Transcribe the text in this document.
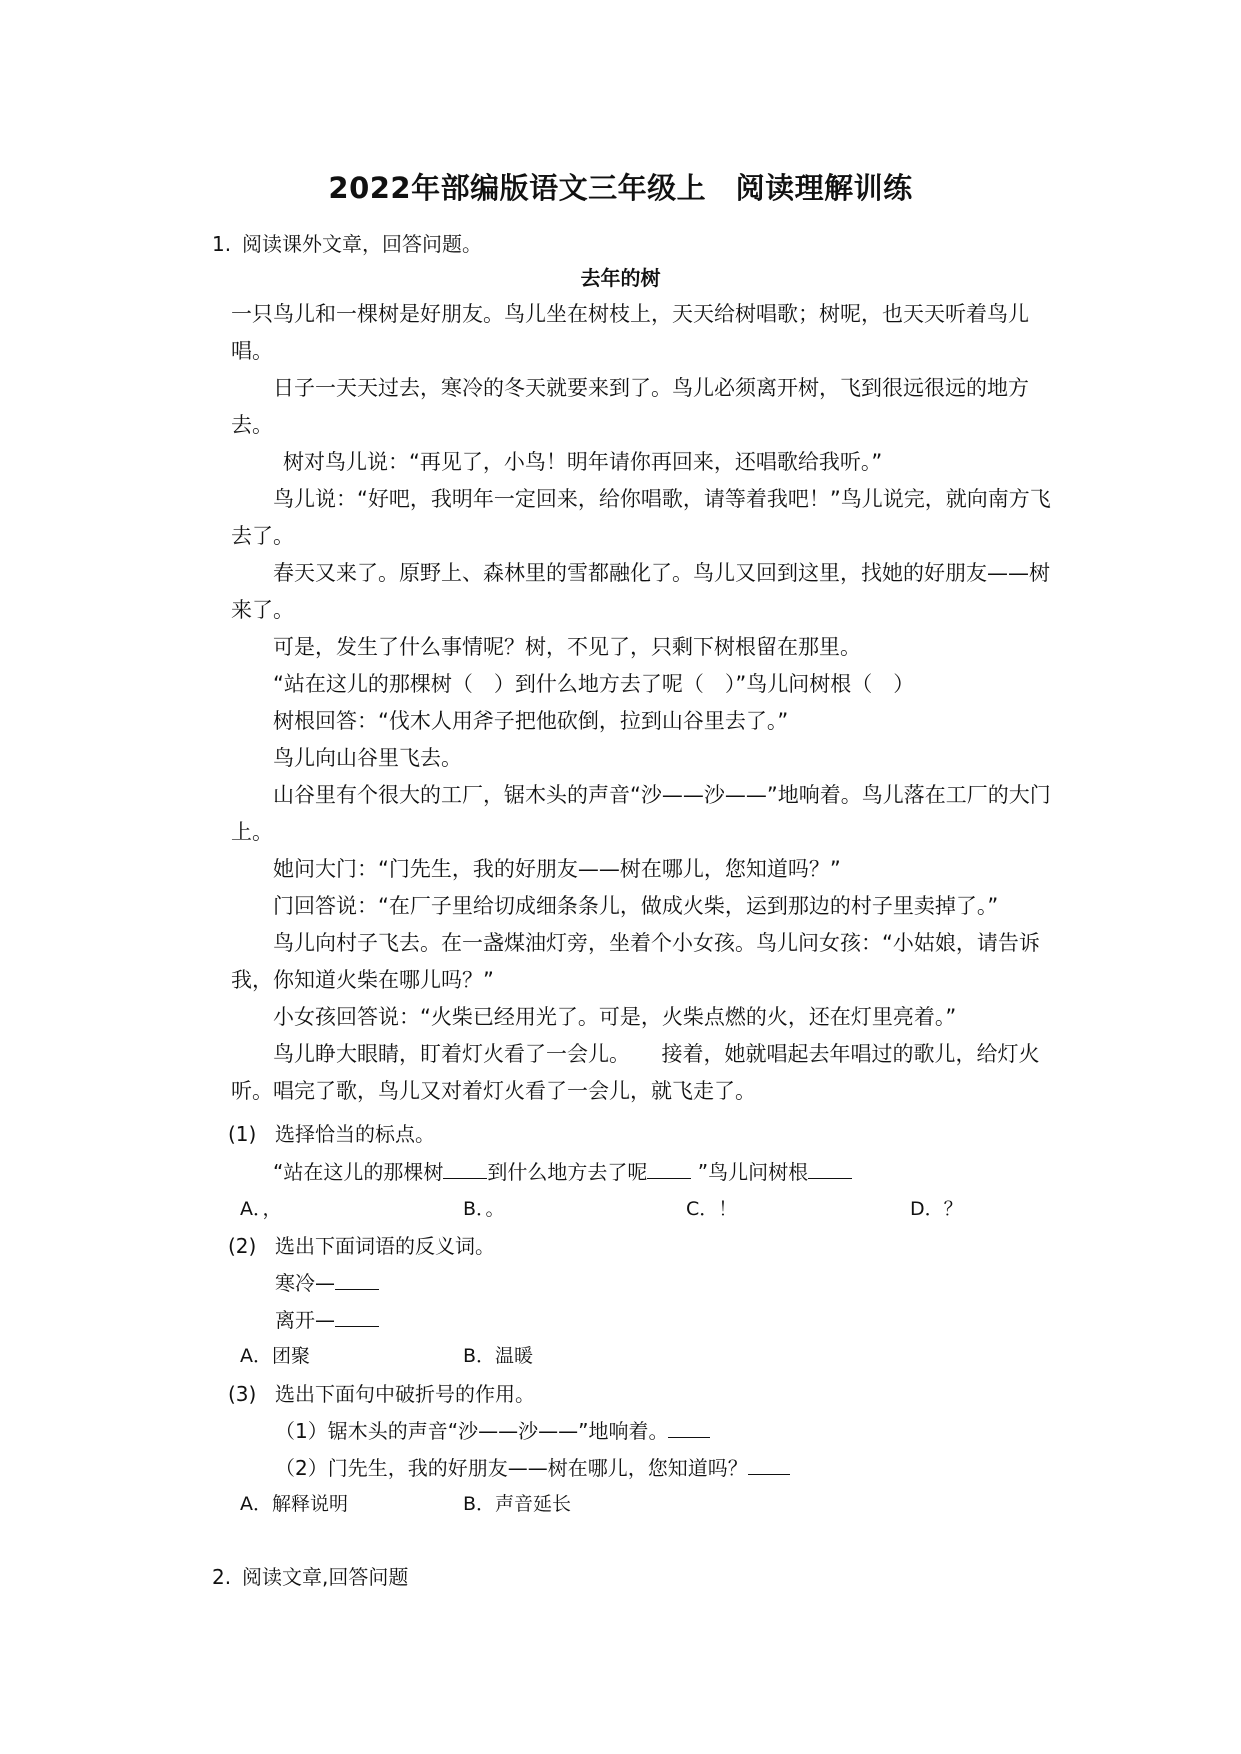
2022年部编版语文三年级上　阅读理解训练
1. 阅读课外文章，回答问题。
去年的树

一只鸟儿和一棵树是好朋友。鸟儿坐在树枝上，天天给树唱歌；树呢，也天天听着鸟儿唱。

日子一天天过去，寒冷的冬天就要来到了。鸟儿必须离开树，飞到很远很远的地方去。

树对鸟儿说：“再见了，小鸟！明年请你再回来，还唱歌给我听。”

鸟儿说：“好吧，我明年一定回来，给你唱歌，请等着我吧！”鸟儿说完，就向南方飞去了。

春天又来了。原野上、森林里的雪都融化了。鸟儿又回到这里，找她的好朋友——树来了。

可是，发生了什么事情呢？树，不见了，只剩下树根留在那里。

“站在这儿的那棵树（　）到什么地方去了呢（　）”鸟儿问树根（　）

树根回答：“伐木人用斧子把他砍倒，拉到山谷里去了。”

鸟儿向山谷里飞去。

山谷里有个很大的工厂，锯木头的声音“沙——沙——”地响着。鸟儿落在工厂的大门上。

她问大门：“门先生，我的好朋友——树在哪儿，您知道吗？”

门回答说：“在厂子里给切成细条条儿，做成火柴，运到那边的村子里卖掉了。”

鸟儿向村子飞去。在一盏煤油灯旁，坐着个小女孩。鸟儿问女孩：“小姑娘，请告诉我，你知道火柴在哪儿吗？”

小女孩回答说：“火柴已经用光了。可是，火柴点燃的火，还在灯里亮着。”

鸟儿睁大眼睛，盯着灯火看了一会儿。　　接着，她就唱起去年唱过的歌儿，给灯火听。唱完了歌，鸟儿又对着灯火看了一会儿，就飞走了。

(1) 选择恰当的标点。
“站在这儿的那棵树 到什么地方去了呢 ”鸟儿问树根
A．，	B．。	C．！	D．？
(2) 选出下面词语的反义词。
寒冷—
离开—
A．团聚	B．温暖
(3) 选出下面句中破折号的作用。
（1）锯木头的声音“沙——沙——”地响着。
（2）门先生，我的好朋友——树在哪儿，您知道吗？
A．解释说明	B．声音延长
2. 阅读文章,回答问题
